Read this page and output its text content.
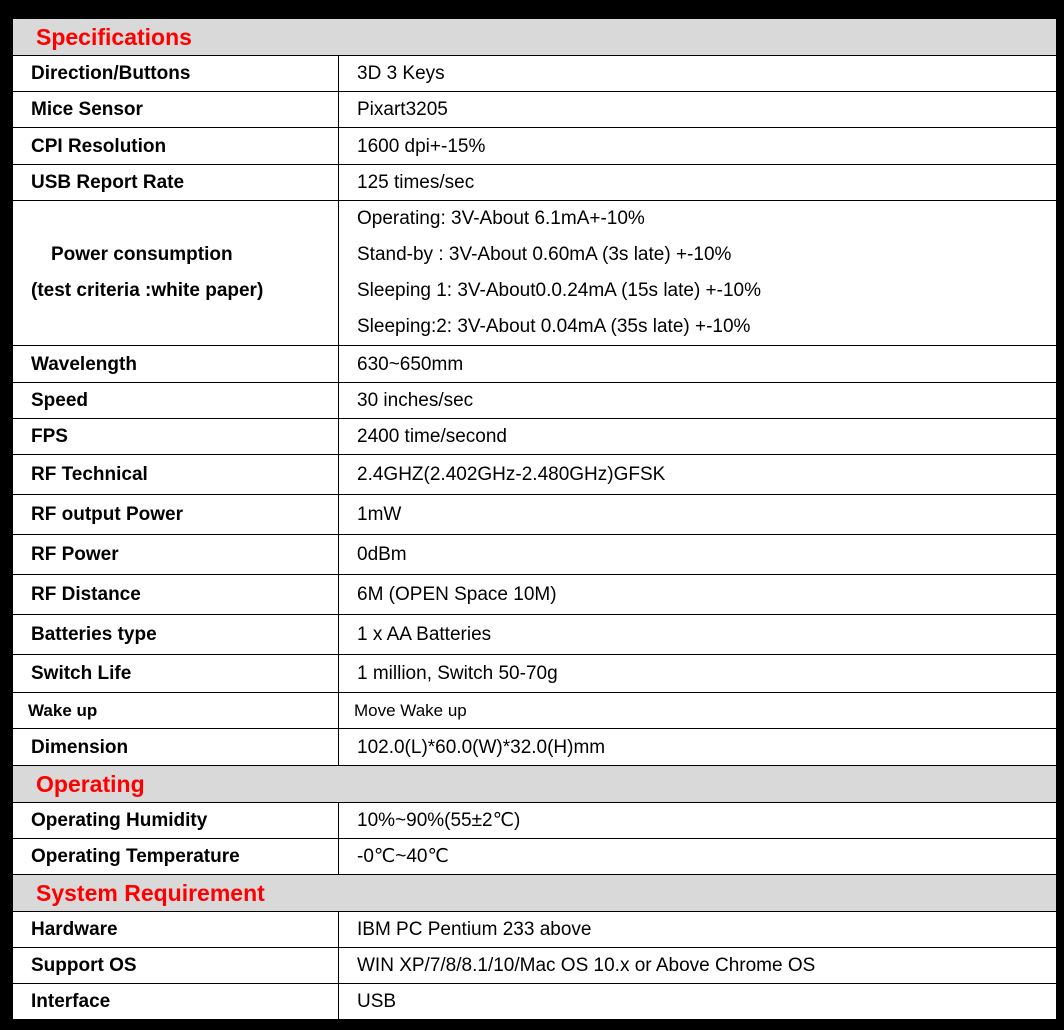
Specifications	
Direction/Buttons	3D 3 Keys
Mice Sensor	Pixart3205
CPI Resolution	1600 dpi+-15%
USB Report Rate	125 times/sec

Power consumption
(test criteria :white paper)	Operating: 3V-About 6.1mA+-10%
Stand-by : 3V-About 0.60mA (3s late) +-10%
Sleeping 1: 3V-About0.0.24mA (15s late) +-10%
Sleeping:2: 3V-About 0.04mA (35s late) +-10%

Wavelength	630~650mm
Speed	30 inches/sec
FPS	2400 time/second
RF Technical	2.4GHZ(2.402GHz-2.480GHz)GFSK
RF output Power	1mW
RF Power	0dBm
RF Distance	6M (OPEN Space 10M)
Batteries type	1 x AA Batteries
Switch Life	1 million, Switch 50-70g
Wake up	Move Wake up
Dimension	102.0(L)*60.0(W)*32.0(H)mm
Operating	
Operating Humidity	10%~90%(55±2℃)
Operating Temperature	-0℃~40℃
System Requirement	
Hardware	IBM PC Pentium 233 above
Support OS	WIN XP/7/8/8.1/10/Mac OS 10.x or Above Chrome OS
Interface	USB
